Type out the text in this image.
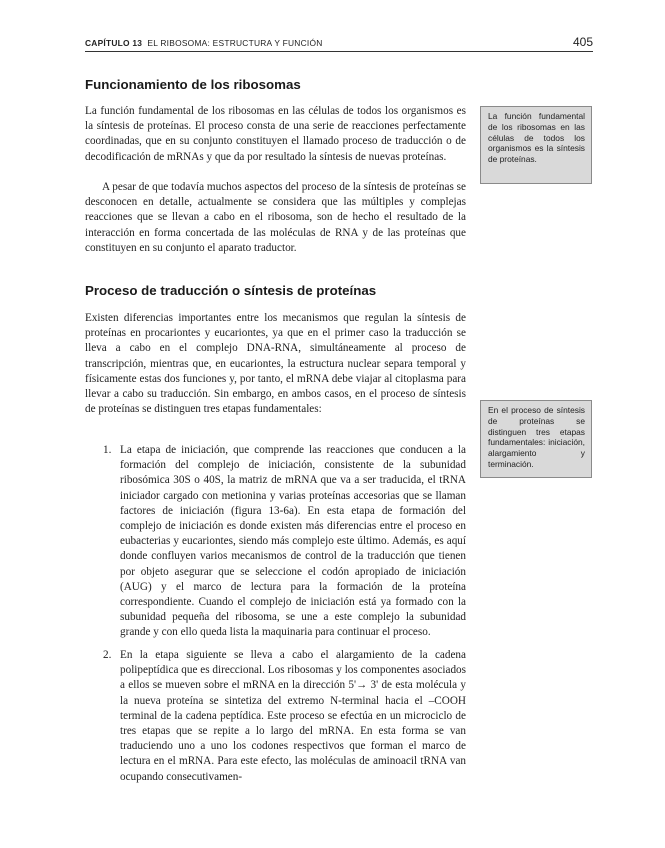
CAPÍTULO 13 EL RIBOSOMA: ESTRUCTURA Y FUNCIÓN	405
Funcionamiento de los ribosomas

La función fundamental de los ribosomas en las células de todos los organismos es la síntesis de proteínas. El proceso consta de una serie de reacciones perfectamente coordinadas, que en su conjunto constituyen el llamado proceso de traducción o de decodificación de mRNAs y que da por resultado la síntesis de nuevas proteínas.

A pesar de que todavía muchos aspectos del proceso de la síntesis de proteínas se desconocen en detalle, actualmente se considera que las múltiples y complejas reacciones que se llevan a cabo en el ribosoma, son de hecho el resultado de la interacción en forma concertada de las moléculas de RNA y de las proteínas que constituyen en su conjunto el aparato traductor.

La función fundamental de los ribosomas en las células de todos los organismos es la síntesis de proteínas.
Proceso de traducción o síntesis de proteínas

Existen diferencias importantes entre los mecanismos que regulan la síntesis de proteínas en procariontes y eucariontes, ya que en el primer caso la traducción se lleva a cabo en el complejo DNA-RNA, simultáneamente al proceso de transcripción, mientras que, en eucariontes, la estructura nuclear separa temporal y físicamente estas dos funciones y, por tanto, el mRNA debe viajar al citoplasma para llevar a cabo su traducción. Sin embargo, en ambos casos, en el proceso de síntesis de proteínas se distinguen tres etapas fundamentales:	En el proceso de síntesis de proteínas se distinguen tres etapas fundamentales: iniciación, alargamiento y terminación.
1. La etapa de iniciación, que comprende las reacciones que conducen a la formación del complejo de iniciación, consistente de la subunidad ribosómica 30S o 40S, la matriz de mRNA que va a ser traducida, el tRNA iniciador cargado con metionina y varias proteínas accesorias que se llaman factores de iniciación (figura 13-6a). En esta etapa de formación del complejo de iniciación es donde existen más diferencias entre el proceso en eubacterias y eucariontes, siendo más complejo este último. Además, es aquí donde confluyen varios mecanismos de control de la traducción que tienen por objeto asegurar que se seleccione el codón apropiado de iniciación (AUG) y el marco de lectura para la formación de la proteína correspondiente. Cuando el complejo de iniciación está ya formado con la subunidad pequeña del ribosoma, se une a este complejo la subunidad grande y con ello queda lista la maquinaria para continuar el proceso.
2. En la etapa siguiente se lleva a cabo el alargamiento de la cadena polipeptídica que es direccional. Los ribosomas y los componentes asociados a ellos se mueven sobre el mRNA en la dirección 5'→ 3' de esta molécula y la nueva proteína se sintetiza del extremo N-terminal hacia el –COOH terminal de la cadena peptídica. Este proceso se efectúa en un microciclo de tres etapas que se repite a lo largo del mRNA. En esta forma se van traduciendo uno a uno los codones respectivos que forman el marco de lectura en el mRNA. Para este efecto, las moléculas de aminoacil tRNA van ocupando consecutivamen-
